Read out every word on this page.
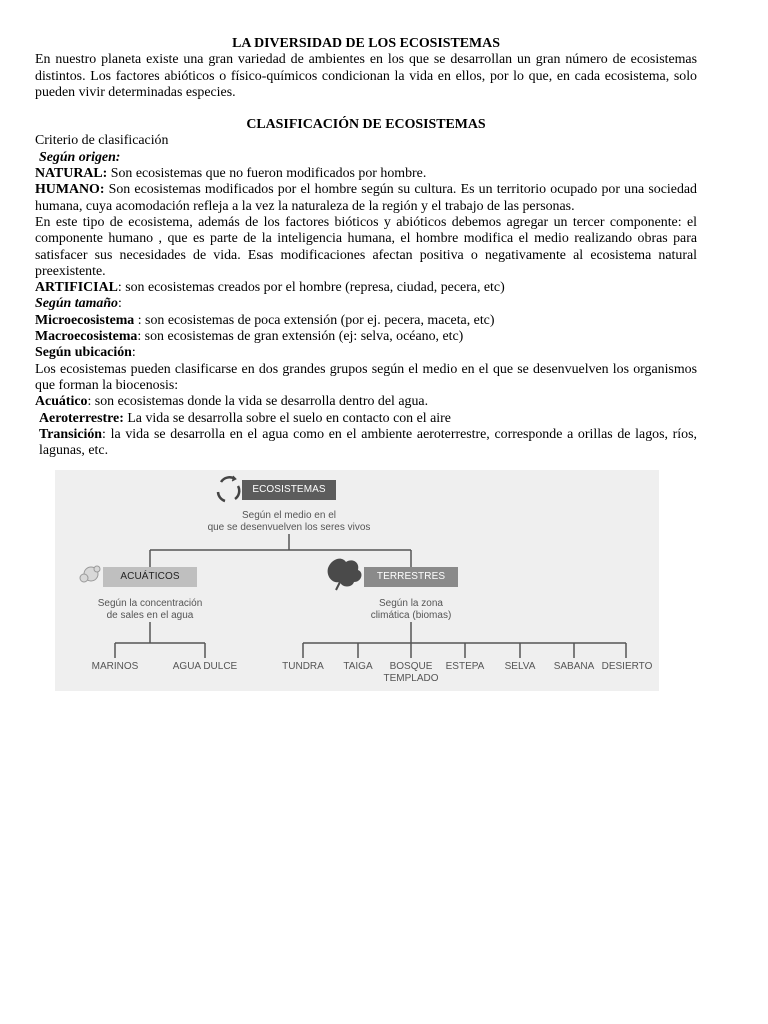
LA DIVERSIDAD DE LOS ECOSISTEMAS

En nuestro planeta existe una gran variedad de ambientes en los que se desarrollan un gran número de ecosistemas distintos. Los factores abióticos o físico-químicos condicionan la vida en ellos, por lo que, en cada ecosistema, solo pueden vivir determinadas especies.

CLASIFICACIÓN DE ECOSISTEMAS

Criterio de clasificación

Según origen:

NATURAL: Son ecosistemas que no fueron modificados por hombre.

HUMANO: Son ecosistemas modificados por el hombre según su cultura. Es un territorio ocupado por una sociedad humana, cuya acomodación refleja a la vez la naturaleza de la región y el trabajo de las personas.

En este tipo de ecosistema, además de los factores bióticos y abióticos debemos agregar un tercer componente: el componente humano , que es parte de la inteligencia humana, el hombre modifica el medio realizando obras para satisfacer sus necesidades de vida. Esas modificaciones afectan positiva o negativamente al ecosistema natural preexistente.

ARTIFICIAL: son ecosistemas creados por el hombre (represa, ciudad, pecera, etc)

Según tamaño:

Microecosistema : son ecosistemas de poca extensión (por ej. pecera, maceta, etc)

Macroecosistema: son ecosistemas de gran extensión (ej: selva, océano, etc)

Según ubicación:

Los ecosistemas pueden clasificarse en dos grandes grupos según el medio en el que se desenvuelven los organismos que forman la biocenosis:

Acuático: son ecosistemas donde la vida se desarrolla dentro del agua.

Aeroterrestre: La vida se desarrolla sobre el suelo en contacto con el aire

Transición: la vida se desarrolla en el agua como en el ambiente aeroterrestre, corresponde a orillas de lagos, ríos, lagunas, etc.

ECOSISTEMAS
Según el medio en el
que se desenvuelven los seres vivos
ACUÁTICOS
Según la concentración
de sales en el agua
TERRESTRES
Según la zona
climática (biomas)
MARINOS	AGUA DULCE	TUNDRA	TAIGA	BOSQUE
TEMPLADO
ESTEPA	SELVA	SABANA DESIERTO
